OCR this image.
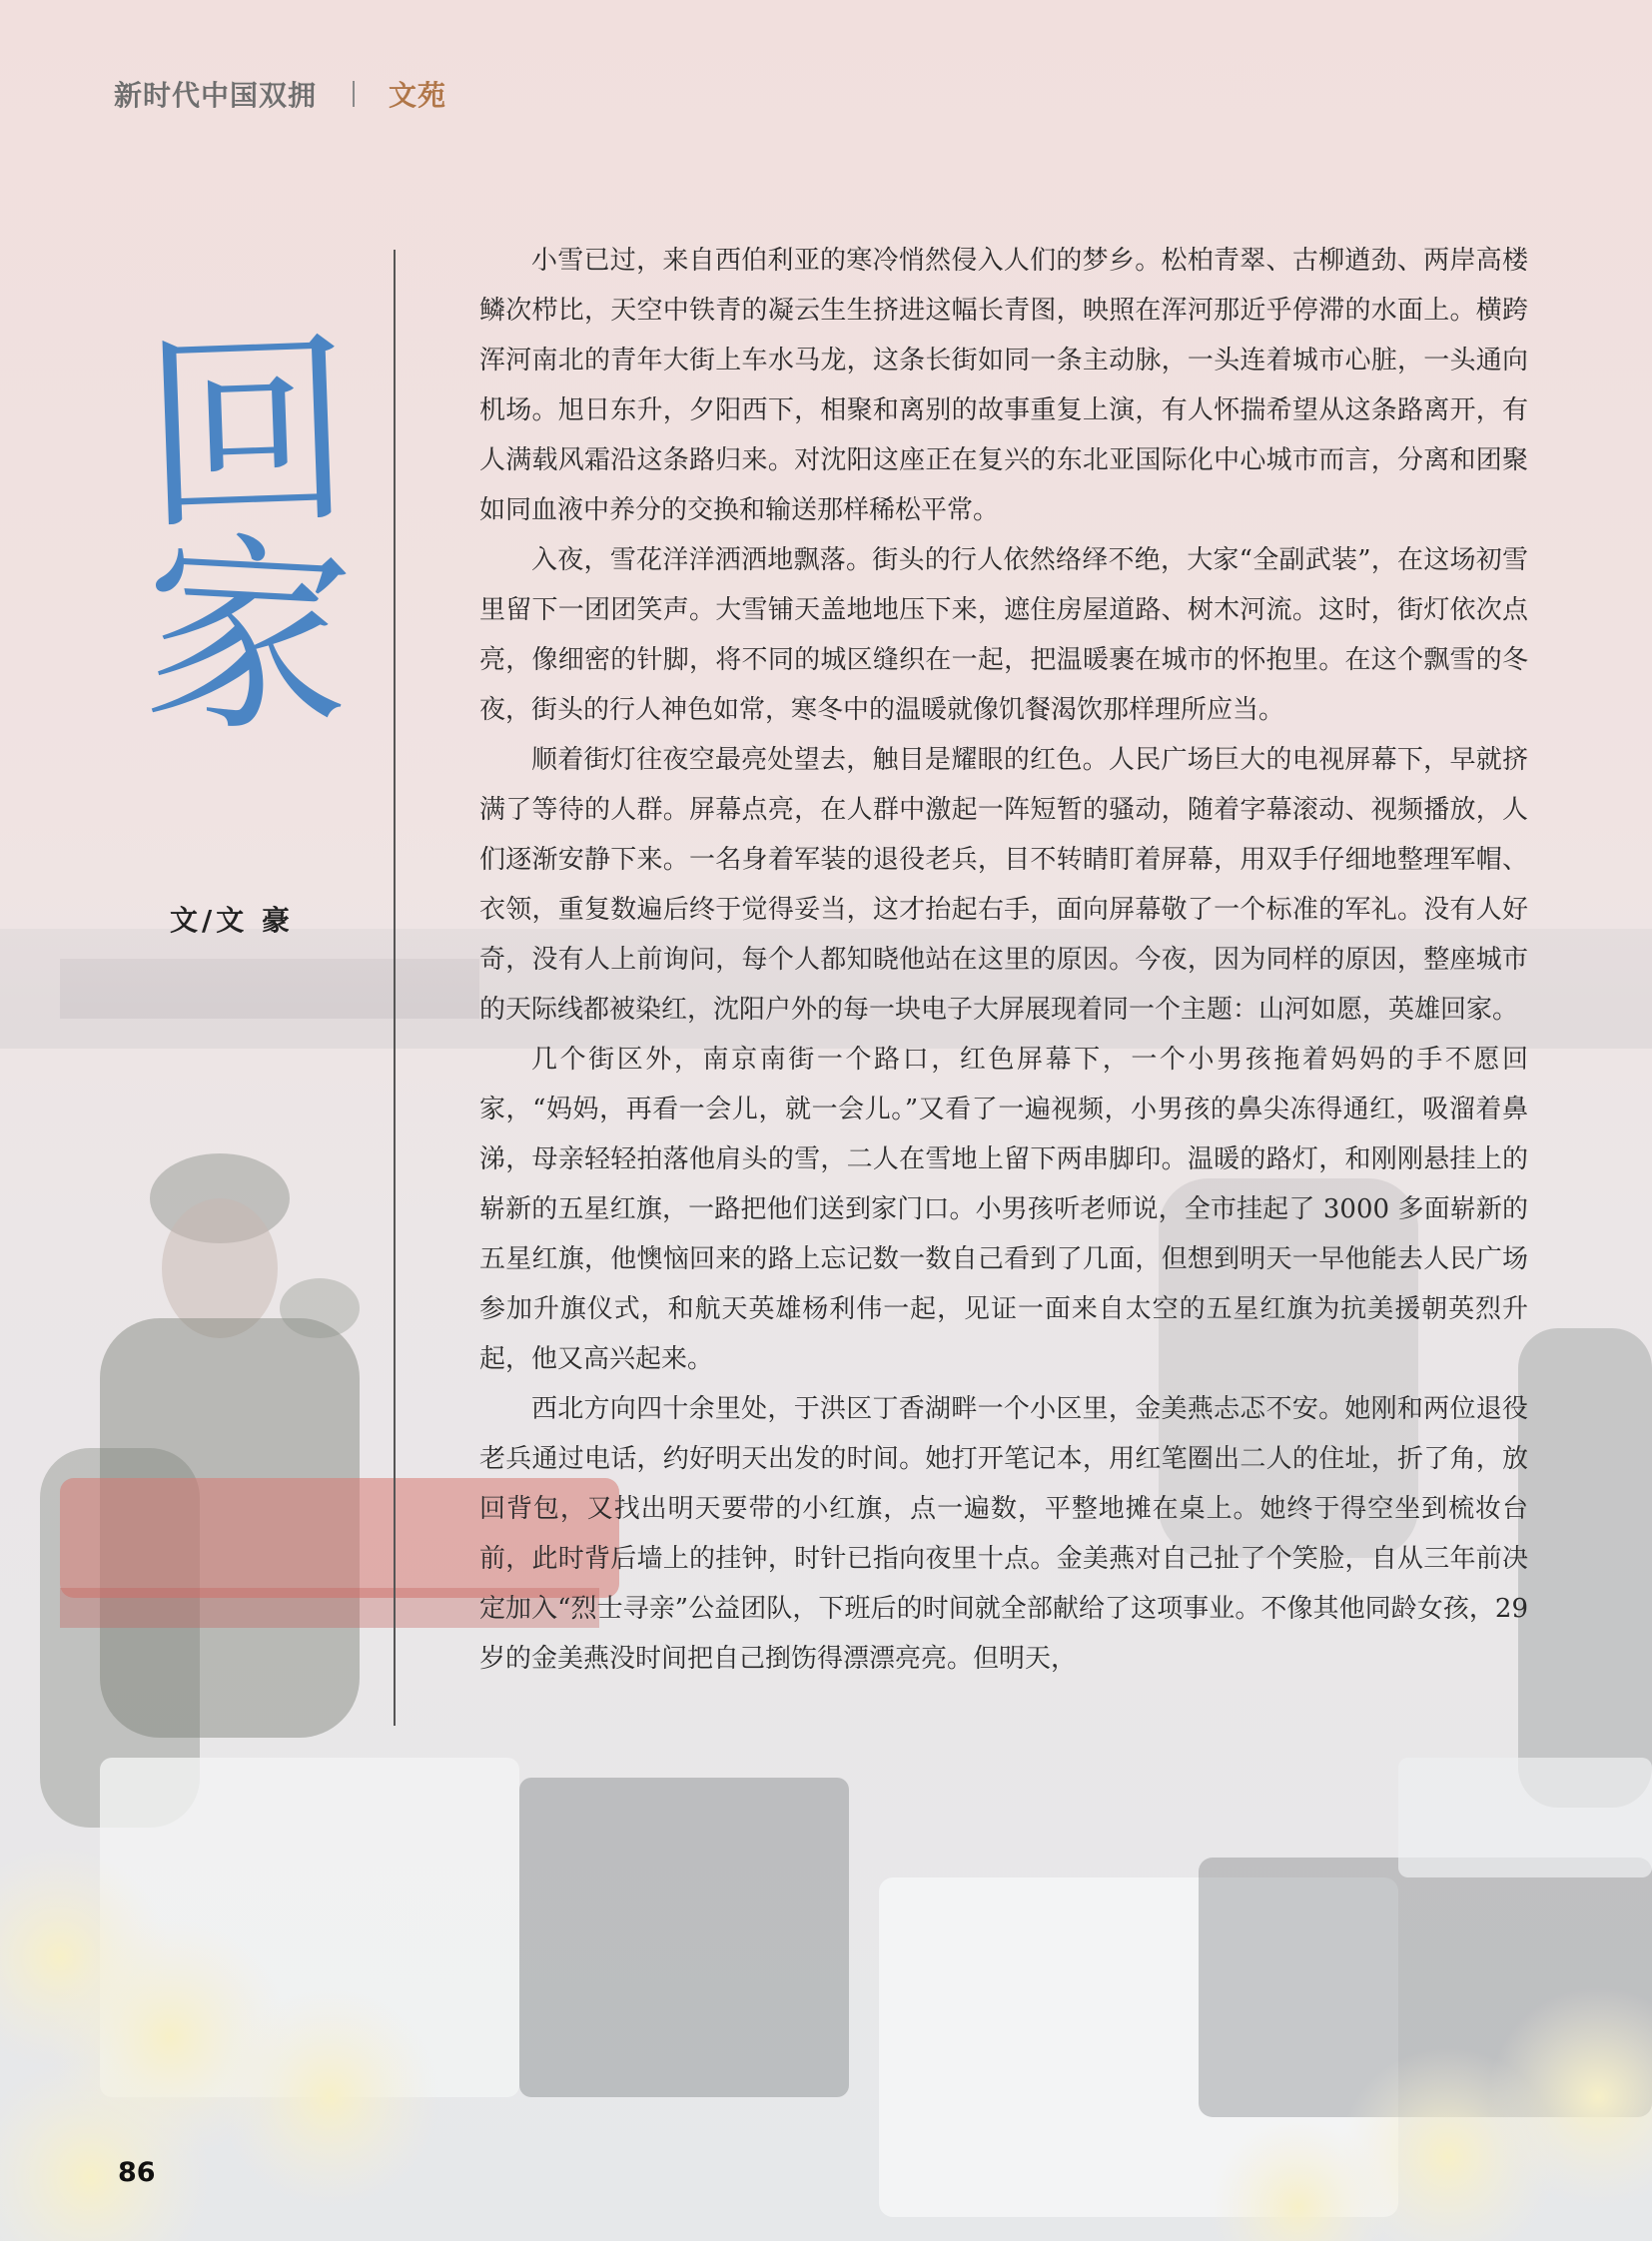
新时代中国双拥	文苑
回
家
文/文 豪

小雪已过，来自西伯利亚的寒冷悄然侵入人们的梦乡。松柏青翠、古柳遒劲、两岸高楼鳞次栉比，天空中铁青的凝云生生挤进这幅长青图，映照在浑河那近乎停滞的水面上。横跨浑河南北的青年大街上车水马龙，这条长街如同一条主动脉，一头连着城市心脏，一头通向机场。旭日东升，夕阳西下，相聚和离别的故事重复上演，有人怀揣希望从这条路离开，有人满载风霜沿这条路归来。对沈阳这座正在复兴的东北亚国际化中心城市而言，分离和团聚如同血液中养分的交换和输送那样稀松平常。

入夜，雪花洋洋洒洒地飘落。街头的行人依然络绎不绝，大家“全副武装”，在这场初雪里留下一团团笑声。大雪铺天盖地地压下来，遮住房屋道路、树木河流。这时，街灯依次点亮，像细密的针脚，将不同的城区缝织在一起，把温暖裹在城市的怀抱里。在这个飘雪的冬夜，街头的行人神色如常，寒冬中的温暖就像饥餐渴饮那样理所应当。

顺着街灯往夜空最亮处望去，触目是耀眼的红色。人民广场巨大的电视屏幕下，早就挤满了等待的人群。屏幕点亮，在人群中激起一阵短暂的骚动，随着字幕滚动、视频播放，人们逐渐安静下来。一名身着军装的退役老兵，目不转睛盯着屏幕，用双手仔细地整理军帽、衣领，重复数遍后终于觉得妥当，这才抬起右手，面向屏幕敬了一个标准的军礼。没有人好奇，没有人上前询问，每个人都知晓他站在这里的原因。今夜，因为同样的原因，整座城市的天际线都被染红，沈阳户外的每一块电子大屏展现着同一个主题：山河如愿，英雄回家。

几个街区外，南京南街一个路口，红色屏幕下，一个小男孩拖着妈妈的手不愿回家，“妈妈，再看一会儿，就一会儿。”又看了一遍视频，小男孩的鼻尖冻得通红，吸溜着鼻涕，母亲轻轻拍落他肩头的雪，二人在雪地上留下两串脚印。温暖的路灯，和刚刚悬挂上的崭新的五星红旗，一路把他们送到家门口。小男孩听老师说，全市挂起了 3000 多面崭新的五星红旗，他懊恼回来的路上忘记数一数自己看到了几面，但想到明天一早他能去人民广场参加升旗仪式，和航天英雄杨利伟一起，见证一面来自太空的五星红旗为抗美援朝英烈升起，他又高兴起来。

西北方向四十余里处，于洪区丁香湖畔一个小区里，金美燕忐忑不安。她刚和两位退役老兵通过电话，约好明天出发的时间。她打开笔记本，用红笔圈出二人的住址，折了角，放回背包，又找出明天要带的小红旗，点一遍数，平整地摊在桌上。她终于得空坐到梳妆台前，此时背后墙上的挂钟，时针已指向夜里十点。金美燕对自己扯了个笑脸，自从三年前决定加入“烈士寻亲”公益团队，下班后的时间就全部献给了这项事业。不像其他同龄女孩，29 岁的金美燕没时间把自己捯饬得漂漂亮亮。但明天，

86
